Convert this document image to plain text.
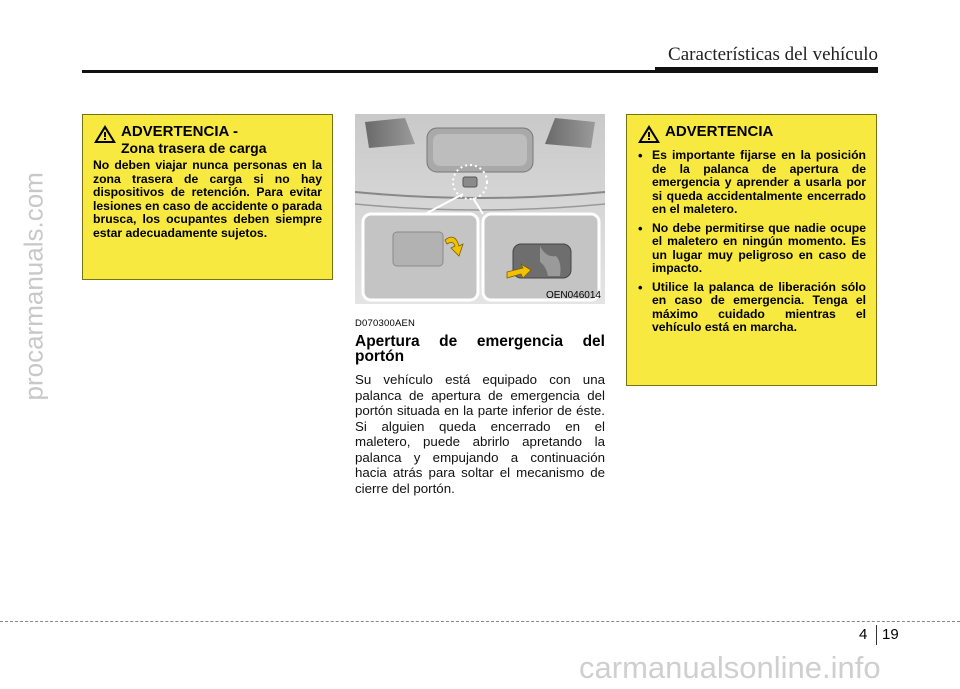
Características del vehículo
procarmanuals.com
ADVERTENCIA -
Zona trasera de carga
No deben viajar nunca personas en la zona trasera de carga si no hay dispositivos de retención. Para evitar lesiones en caso de accidente o parada brusca, los ocupantes deben siempre estar adecuadamente sujetos.
OEN046014
D070300AEN
Apertura de emergencia del portón
Su vehículo está equipado con una palanca de apertura de emergencia del portón situada en la parte inferior de éste. Si alguien queda encerrado en el maletero, puede abrirlo apretando la palanca y empujando a continuación hacia atrás para soltar el mecanismo de cierre del portón.
ADVERTENCIA
• Es importante fijarse en la posición de la palanca de apertura de emergencia y aprender a usarla por si queda accidentalmente encerrado en el maletero.
• No debe permitirse que nadie ocupe el maletero en ningún momento. Es un lugar muy peligroso en caso de impacto.
• Utilice la palanca de liberación sólo en caso de emergencia. Tenga el máximo cuidado mientras el vehículo está en marcha.
4 19
carmanualsonline.info
